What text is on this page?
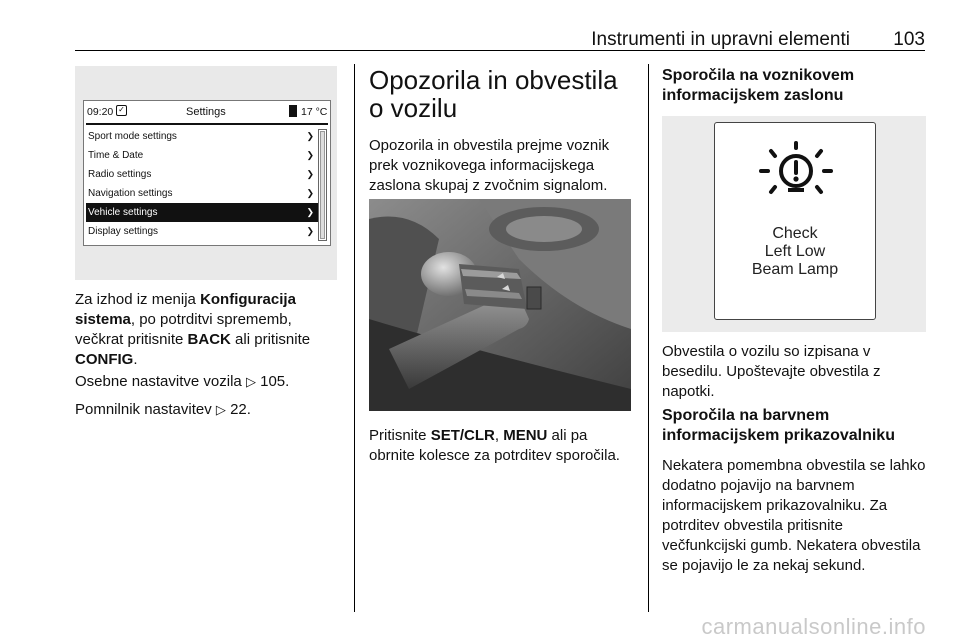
Instrumenti in upravni elementi 103
09:20 ✓	Settings	17 °C
Sport mode settings	❯
Time & Date	❯
Radio settings	❯
Navigation settings	❯
Vehicle settings	❯
Display settings	❯

Za izhod iz menija Konfiguracija sistema, po potrditvi sprememb, večkrat pritisnite BACK ali pritisnite CONFIG.

Osebne nastavitve vozila ▷ 105.

Pomnilnik nastavitev ▷ 22.

Opozorila in obvestila o vozilu

Opozorila in obvestila prejme voznik prek voznikovega informacijskega zaslona skupaj z zvočnim signalom.

Pritisnite SET/CLR, MENU ali pa obrnite kolesce za potrditev sporočila.

Sporočila na voznikovem informacijskem zaslonu
Check
Left Low
Beam Lamp

Obvestila o vozilu so izpisana v besedilu. Upoštevajte obvestila z napotki.

Sporočila na barvnem informacijskem prikazovalniku

Nekatera pomembna obvestila se lahko dodatno pojavijo na barvnem informacijskem prikazovalniku. Za potrditev obvestila pritisnite večfunkcijski gumb. Nekatera obvestila se pojavijo le za nekaj sekund.

carmanualsonline.info
